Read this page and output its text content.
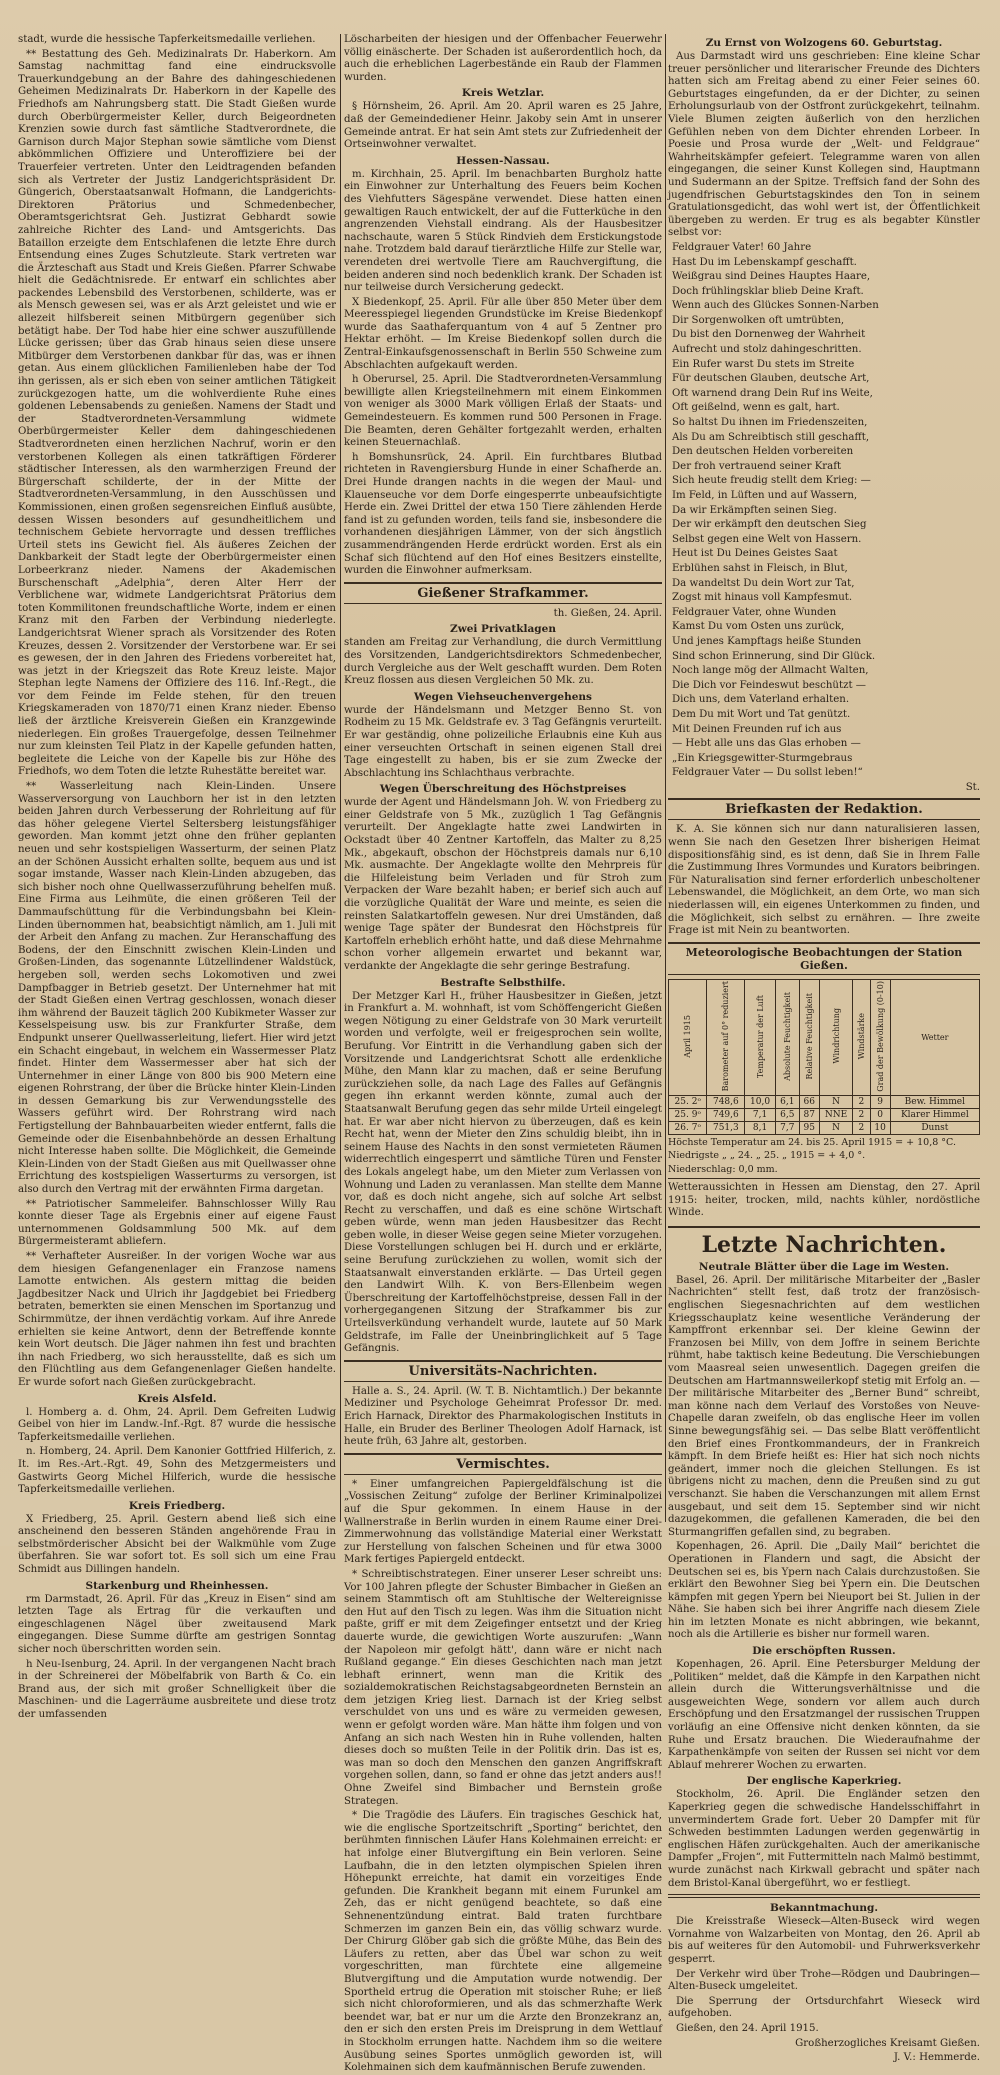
stadt, wurde die hessische Tapferkeitsmedaille verliehen.

** Bestattung des Geh. Medizinalrats Dr. Haberkorn. Am Samstag nachmittag fand eine eindrucksvolle Trauerkundgebung an der Bahre des dahingeschiedenen Geheimen Medizinalrats Dr. Haberkorn in der Kapelle des Friedhofs am Nahrungsberg statt. Die Stadt Gießen wurde durch Oberbürgermeister Keller, durch Beigeordneten Krenzien sowie durch fast sämtliche Stadtverordnete, die Garnison durch Major Stephan sowie sämtliche vom Dienst abkömmlichen Offiziere und Unteroffiziere bei der Trauerfeier vertreten. Unter den Leidtragenden befanden sich als Vertreter der Justiz Landgerichtspräsident Dr. Güngerich, Oberstaatsanwalt Hofmann, die Landgerichts-Direktoren Prätorius und Schmedenbecher, Oberamtsgerichtsrat Geh. Justizrat Gebhardt sowie zahlreiche Richter des Land- und Amtsgerichts. Das Bataillon erzeigte dem Entschlafenen die letzte Ehre durch Entsendung eines Zuges Schutzleute. Stark vertreten war die Ärzteschaft aus Stadt und Kreis Gießen. Pfarrer Schwabe hielt die Gedächtnisrede. Er entwarf ein schlichtes aber packendes Lebensbild des Verstorbenen, schilderte, was er als Mensch gewesen sei, was er als Arzt geleistet und wie er allezeit hilfsbereit seinen Mitbürgern gegenüber sich betätigt habe. Der Tod habe hier eine schwer auszufüllende Lücke gerissen; über das Grab hinaus seien diese unsere Mitbürger dem Verstorbenen dankbar für das, was er ihnen getan. Aus einem glücklichen Familienleben habe der Tod ihn gerissen, als er sich eben von seiner amtlichen Tätigkeit zurückgezogen hatte, um die wohlverdiente Ruhe eines goldenen Lebensabends zu genießen. Namens der Stadt und der Stadtverordneten-Versammlung widmete Oberbürgermeister Keller dem dahingeschiedenen Stadtverordneten einen herzlichen Nachruf, worin er den verstorbenen Kollegen als einen tatkräftigen Förderer städtischer Interessen, als den warmherzigen Freund der Bürgerschaft schilderte, der in der Mitte der Stadtverordneten-Versammlung, in den Ausschüssen und Kommissionen, einen großen segensreichen Einfluß ausübte, dessen Wissen besonders auf gesundheitlichem und technischem Gebiete hervorragte und dessen treffliches Urteil stets ins Gewicht fiel. Als äußeres Zeichen der Dankbarkeit der Stadt legte der Oberbürgermeister einen Lorbeerkranz nieder. Namens der Akademischen Burschenschaft „Adelphia“, deren Alter Herr der Verblichene war, widmete Landgerichtsrat Prätorius dem toten Kommilitonen freundschaftliche Worte, indem er einen Kranz mit den Farben der Verbindung niederlegte. Landgerichtsrat Wiener sprach als Vorsitzender des Roten Kreuzes, dessen 2. Vorsitzender der Verstorbene war. Er sei es gewesen, der in den Jahren des Friedens vorbereitet hat, was jetzt in der Kriegszeit das Rote Kreuz leiste. Major Stephan legte Namens der Offiziere des 116. Inf.-Regt., die vor dem Feinde im Felde stehen, für den treuen Kriegskameraden von 1870/71 einen Kranz nieder. Ebenso ließ der ärztliche Kreisverein Gießen ein Kranzgewinde niederlegen. Ein großes Trauergefolge, dessen Teilnehmer nur zum kleinsten Teil Platz in der Kapelle gefunden hatten, begleitete die Leiche von der Kapelle bis zur Höhe des Friedhofs, wo dem Toten die letzte Ruhestätte bereitet war.

** Wasserleitung nach Klein-Linden. Unsere Wasserversorgung von Lauchborn her ist in den letzten beiden Jahren durch Verbesserung der Rohrleitung auf für das höher gelegene Viertel Seltersberg leistungsfähiger geworden. Man kommt jetzt ohne den früher geplanten neuen und sehr kostspieligen Wasserturm, der seinen Platz an der Schönen Aussicht erhalten sollte, bequem aus und ist sogar imstande, Wasser nach Klein-Linden abzugeben, das sich bisher noch ohne Quellwasserzuführung behelfen muß. Eine Firma aus Leihmüte, die einen größeren Teil der Dammaufschüttung für die Verbindungsbahn bei Klein-Linden übernommen hat, beabsichtigt nämlich, am 1. Juli mit der Arbeit den Anfang zu machen. Zur Heranschaffung des Bodens, der den Einschnitt zwischen Klein-Linden und Großen-Linden, das sogenannte Lützellindener Waldstück, hergeben soll, werden sechs Lokomotiven und zwei Dampfbagger in Betrieb gesetzt. Der Unternehmer hat mit der Stadt Gießen einen Vertrag geschlossen, wonach dieser ihm während der Bauzeit täglich 200 Kubikmeter Wasser zur Kesselspeisung usw. bis zur Frankfurter Straße, dem Endpunkt unserer Quellwasserleitung, liefert. Hier wird jetzt ein Schacht eingebaut, in welchem ein Wassermesser Platz findet. Hinter dem Wassermesser aber hat sich der Unternehmer in einer Länge von 800 bis 900 Metern eine eigenen Rohrstrang, der über die Brücke hinter Klein-Linden in dessen Gemarkung bis zur Verwendungsstelle des Wassers geführt wird. Der Rohrstrang wird nach Fertigstellung der Bahnbauarbeiten wieder entfernt, falls die Gemeinde oder die Eisenbahnbehörde an dessen Erhaltung nicht Interesse haben sollte. Die Möglichkeit, die Gemeinde Klein-Linden von der Stadt Gießen aus mit Quellwasser ohne Errichtung des kostspieligen Wasserturms zu versorgen, ist also durch den Vertrag mit der erwähnten Firma dargetan.

** Patriotischer Sammeleifer. Bahnschlosser Willy Rau konnte dieser Tage als Ergebnis einer auf eigene Faust unternommenen Goldsammlung 500 Mk. auf dem Bürgermeisteramt abliefern.

** Verhafteter Ausreißer. In der vorigen Woche war aus dem hiesigen Gefangenenlager ein Franzose namens Lamotte entwichen. Als gestern mittag die beiden Jagdbesitzer Nack und Ulrich ihr Jagdgebiet bei Friedberg betraten, bemerkten sie einen Menschen im Sportanzug und Schirmmütze, der ihnen verdächtig vorkam. Auf ihre Anrede erhielten sie keine Antwort, denn der Betreffende konnte kein Wort deutsch. Die Jäger nahmen ihn fest und brachten ihn nach Friedberg, wo sich herausstellte, daß es sich um den Flüchtling aus dem Gefangenenlager Gießen handelte. Er wurde sofort nach Gießen zurückgebracht.

Kreis Alsfeld.

l. Homberg a. d. Ohm, 24. April. Dem Gefreiten Ludwig Geibel von hier im Landw.-Inf.-Rgt. 87 wurde die hessische Tapferkeitsmedaille verliehen.

n. Homberg, 24. April. Dem Kanonier Gottfried Hilferich, z. It. im Res.-Art.-Rgt. 49, Sohn des Metzgermeisters und Gastwirts Georg Michel Hilferich, wurde die hessische Tapferkeitsmedaille verliehen.

Kreis Friedberg.

X Friedberg, 25. April. Gestern abend ließ sich eine anscheinend den besseren Ständen angehörende Frau in selbstmörderischer Absicht bei der Walkmühle vom Zuge überfahren. Sie war sofort tot. Es soll sich um eine Frau Schmidt aus Dillingen handeln.

Starkenburg und Rheinhessen.

rm Darmstadt, 26. April. Für das „Kreuz in Eisen“ sind am letzten Tage als Ertrag für die verkauften und eingeschlagenen Nägel über zweitausend Mark eingegangen. Diese Summe dürfte am gestrigen Sonntag sicher noch überschritten worden sein.

h Neu-Isenburg, 24. April. In der vergangenen Nacht brach in der Schreinerei der Möbelfabrik von Barth & Co. ein Brand aus, der sich mit großer Schnelligkeit über die Maschinen- und die Lagerräume ausbreitete und diese trotz der umfassenden

Löscharbeiten der hiesigen und der Offenbacher Feuerwehr völlig einäscherte. Der Schaden ist außerordentlich hoch, da auch die erheblichen Lagerbestände ein Raub der Flammen wurden.

Kreis Wetzlar.

§ Hörnsheim, 26. April. Am 20. April waren es 25 Jahre, daß der Gemeindediener Heinr. Jakoby sein Amt in unserer Gemeinde antrat. Er hat sein Amt stets zur Zufriedenheit der Ortseinwohner verwaltet.

Hessen-Nassau.

m. Kirchhain, 25. April. Im benachbarten Burgholz hatte ein Einwohner zur Unterhaltung des Feuers beim Kochen des Viehfutters Sägespäne verwendet. Diese hatten einen gewaltigen Rauch entwickelt, der auf die Futterküche in den angrenzenden Viehstall eindrang. Als der Hausbesitzer nachschaute, waren 5 Stück Rindvieh dem Erstickungstode nahe. Trotzdem bald darauf tierärztliche Hilfe zur Stelle war, verendeten drei wertvolle Tiere am Rauchvergiftung, die beiden anderen sind noch bedenklich krank. Der Schaden ist nur teilweise durch Versicherung gedeckt.

X Biedenkopf, 25. April. Für alle über 850 Meter über dem Meeresspiegel liegenden Grundstücke im Kreise Biedenkopf wurde das Saathaferquantum von 4 auf 5 Zentner pro Hektar erhöht. — Im Kreise Biedenkopf sollen durch die Zentral-Einkaufsgenossenschaft in Berlin 550 Schweine zum Abschlachten aufgekauft werden.

h Oberursel, 25. April. Die Stadtverordneten-Versammlung bewilligte allen Kriegsteilnehmern mit einem Einkommen von weniger als 3000 Mark völligen Erlaß der Staats- und Gemeindesteuern. Es kommen rund 500 Personen in Frage. Die Beamten, deren Gehälter fortgezahlt werden, erhalten keinen Steuernachlaß.

h Bomshunsrück, 24. April. Ein furchtbares Blutbad richteten in Ravengiersburg Hunde in einer Schafherde an. Drei Hunde drangen nachts in die wegen der Maul- und Klauenseuche vor dem Dorfe eingesperrte unbeaufsichtigte Herde ein. Zwei Drittel der etwa 150 Tiere zählenden Herde fand ist zu gefunden worden, teils fand sie, insbesondere die vorhandenen diesjährigen Lämmer, von der sich ängstlich zusammendrängenden Herde erdrückt worden. Erst als ein Schaf sich flüchtend auf den Hof eines Besitzers einstellte, wurden die Einwohner aufmerksam.

Gießener Strafkammer.

th. Gießen, 24. April.

Zwei Privatklagen

standen am Freitag zur Verhandlung, die durch Vermittlung des Vorsitzenden, Landgerichtsdirektors Schmedenbecher, durch Vergleiche aus der Welt geschafft wurden. Dem Roten Kreuz flossen aus diesen Vergleichen 50 Mk. zu.

Wegen Viehseuchenvergehens

wurde der Händelsmann und Metzger Benno St. von Rodheim zu 15 Mk. Geldstrafe ev. 3 Tag Gefängnis verurteilt. Er war geständig, ohne polizeiliche Erlaubnis eine Kuh aus einer verseuchten Ortschaft in seinen eigenen Stall drei Tage eingestellt zu haben, bis er sie zum Zwecke der Abschlachtung ins Schlachthaus verbrachte.

Wegen Überschreitung des Höchstpreises

wurde der Agent und Händelsmann Joh. W. von Friedberg zu einer Geldstrafe von 5 Mk., zuzüglich 1 Tag Gefängnis verurteilt. Der Angeklagte hatte zwei Landwirten in Ockstadt über 40 Zentner Kartoffeln, das Malter zu 8,25 Mk., abgekauft, obschon der Höchstpreis damals nur 6,10 Mk. ausmachte. Der Angeklagte wollte den Mehrpreis für die Hilfeleistung beim Verladen und für Stroh zum Verpacken der Ware bezahlt haben; er berief sich auch auf die vorzügliche Qualität der Ware und meinte, es seien die reinsten Salatkartoffeln gewesen. Nur drei Umständen, daß wenige Tage später der Bundesrat den Höchstpreis für Kartoffeln erheblich erhöht hatte, und daß diese Mehrnahme schon vorher allgemein erwartet und bekannt war, verdankte der Angeklagte die sehr geringe Bestrafung.

Bestrafte Selbsthilfe.

Der Metzger Karl H., früher Hausbesitzer in Gießen, jetzt in Frankfurt a. M. wohnhaft, ist vom Schöffengericht Gießen wegen Nötigung zu einer Geldstrafe von 30 Mark verurteilt worden und verfolgte, weil er freigesprochen sein wollte, Berufung. Vor Eintritt in die Verhandlung gaben sich der Vorsitzende und Landgerichtsrat Schott alle erdenkliche Mühe, den Mann klar zu machen, daß er seine Berufung zurückziehen solle, da nach Lage des Falles auf Gefängnis gegen ihn erkannt werden könnte, zumal auch der Staatsanwalt Berufung gegen das sehr milde Urteil eingelegt hat. Er war aber nicht hiervon zu überzeugen, daß es kein Recht hat, wenn der Mieter den Zins schuldig bleibt, ihn in seinem Hause des Nachts in den sonst vermieteten Räumen widerrechtlich eingesperrt und sämtliche Türen und Fenster des Lokals angelegt habe, um den Mieter zum Verlassen von Wohnung und Laden zu veranlassen. Man stellte dem Manne vor, daß es doch nicht angehe, sich auf solche Art selbst Recht zu verschaffen, und daß es eine schöne Wirtschaft geben würde, wenn man jeden Hausbesitzer das Recht geben wolle, in dieser Weise gegen seine Mieter vorzugehen. Diese Vorstellungen schlugen bei H. durch und er erklärte, seine Berufung zurückziehen zu wollen, womit sich der Staatsanwalt einverstanden erklärte. — Das Urteil gegen den Landwirt Wilh. K. von Bers-Ellenbeim wegen Überschreitung der Kartoffelhöchstpreise, dessen Fall in der vorhergegangenen Sitzung der Strafkammer bis zur Urteilsverkündung verhandelt wurde, lautete auf 50 Mark Geldstrafe, im Falle der Uneinbringlichkeit auf 5 Tage Gefängnis.

Universitäts-Nachrichten.

Halle a. S., 24. April. (W. T. B. Nichtamtlich.) Der bekannte Mediziner und Psychologe Geheimrat Professor Dr. med. Erich Harnack, Direktor des Pharmakologischen Instituts in Halle, ein Bruder des Berliner Theologen Adolf Harnack, ist heute früh, 63 Jahre alt, gestorben.

Vermischtes.

* Einer umfangreichen Papiergeldfälschung ist die „Vossischen Zeitung“ zufolge der Berliner Kriminalpolizei auf die Spur gekommen. In einem Hause in der Wallnerstraße in Berlin wurden in einem Raume einer Drei-Zimmerwohnung das vollständige Material einer Werkstatt zur Herstellung von falschen Scheinen und für etwa 3000 Mark fertiges Papiergeld entdeckt.

* Schreibtischstrategen. Einer unserer Leser schreibt uns: Vor 100 Jahren pflegte der Schuster Bimbacher in Gießen an seinem Stammtisch oft am Stuhltische der Weltereignisse den Hut auf den Tisch zu legen. Was ihm die Situation nicht paßte, griff er mit dem Zeigefinger entsetzt und der Krieg dauerte wurde, die gewichtigen Worte auszurufen: „Wann der Napoleon mir gefolgt hätt', dann wäre er nicht nach Rußland gegange.“ Ein dieses Geschichten nach man jetzt lebhaft erinnert, wenn man die Kritik des sozialdemokratischen Reichstagsabgeordneten Bernstein an dem jetzigen Krieg liest. Darnach ist der Krieg selbst verschuldet von uns und es wäre zu vermeiden gewesen, wenn er gefolgt worden wäre. Man hätte ihm folgen und von Anfang an sich nach Westen hin in Ruhe vollenden, halten dieses doch so mußten Teile in der Politik drin. Das ist es, was man so doch den Menschen den ganzen Angriffskraft vorgehen sollen, dann, so fand er ohne das jetzt anders aus!! Ohne Zweifel sind Bimbacher und Bernstein große Strategen.

* Die Tragödie des Läufers. Ein tragisches Geschick hat, wie die englische Sportzeitschrift „Sporting“ berichtet, den berühmten finnischen Läufer Hans Kolehmainen erreicht: er hat infolge einer Blutvergiftung ein Bein verloren. Seine Laufbahn, die in den letzten olympischen Spielen ihren Höhepunkt erreichte, hat damit ein vorzeitiges Ende gefunden. Die Krankheit begann mit einem Furunkel am Zeh, das er nicht genügend beachtete, so daß eine Sehnenentzündung eintrat. Bald traten furchtbare Schmerzen im ganzen Bein ein, das völlig schwarz wurde. Der Chirurg Glöber gab sich die größte Mühe, das Bein des Läufers zu retten, aber das Übel war schon zu weit vorgeschritten, man fürchtete eine allgemeine Blutvergiftung und die Amputation wurde notwendig. Der Sportheld ertrug die Operation mit stoischer Ruhe; er ließ sich nicht chloroformieren, und als das schmerzhafte Werk beendet war, bat er nur um die Arzte den Bronzekranz an, den er sich den ersten Preis im Dreisprung in dem Wettlauf in Stockholm errungen hatte. Nachdem ihm so die weitere Ausübung seines Sportes unmöglich geworden ist, will Kolehmainen sich dem kaufmännischen Berufe zuwenden.

Zu Ernst von Wolzogens 60. Geburtstag.

Aus Darmstadt wird uns geschrieben: Eine kleine Schar treuer persönlicher und literarischer Freunde des Dichters hatten sich am Freitag abend zu einer Feier seines 60. Geburtstages eingefunden, da er der Dichter, zu seinen Erholungsurlaub von der Ostfront zurückgekehrt, teilnahm. Viele Blumen zeigten äußerlich von den herzlichen Gefühlen neben von dem Dichter ehrenden Lorbeer. In Poesie und Prosa wurde der „Welt- und Feldgraue“ Wahrheitskämpfer gefeiert. Telegramme waren von allen eingegangen, die seiner Kunst Kollegen sind, Hauptmann und Sudermann an der Spitze. Treffsich fand der Sohn des jugendfrischen Geburtstagskindes den Ton in seinem Gratulationsgedicht, das wohl wert ist, der Öffentlichkeit übergeben zu werden. Er trug es als begabter Künstler selbst vor:

Feldgrauer Vater! 60 Jahre

Hast Du im Lebenskampf geschafft.

Weißgrau sind Deines Hauptes Haare,

Doch frühlingsklar blieb Deine Kraft.

Wenn auch des Glückes Sonnen-Narben

Dir Sorgenwolken oft umtrübten,

Du bist den Dornenweg der Wahrheit

Aufrecht und stolz dahingeschritten.

Ein Rufer warst Du stets im Streite

Für deutschen Glauben, deutsche Art,

Oft warnend drang Dein Ruf ins Weite,

Oft geißelnd, wenn es galt, hart.

So haltst Du ihnen im Friedenszeiten,

Als Du am Schreibtisch still geschafft,

Den deutschen Helden vorbereiten

Der froh vertrauend seiner Kraft

Sich heute freudig stellt dem Krieg: —

Im Feld, in Lüften und auf Wassern,

Da wir Erkämpften seinen Sieg.

Der wir erkämpft den deutschen Sieg

Selbst gegen eine Welt von Hassern.

Heut ist Du Deines Geistes Saat

Erblühen sahst in Fleisch, in Blut,

Da wandeltst Du dein Wort zur Tat,

Zogst mit hinaus voll Kampfesmut.

Feldgrauer Vater, ohne Wunden

Kamst Du vom Osten uns zurück,

Und jenes Kampftags heiße Stunden

Sind schon Erinnerung, sind Dir Glück.

Noch lange mög der Allmacht Walten,

Die Dich vor Feindeswut beschützt —

Dich uns, dem Vaterland erhalten.

Dem Du mit Wort und Tat genützt.

Mit Deinen Freunden ruf ich aus

— Hebt alle uns das Glas erhoben —

„Ein Kriegsgewitter-Sturmgebraus

Feldgrauer Vater — Du sollst leben!“

St.

Briefkasten der Redaktion.

K. A. Sie können sich nur dann naturalisieren lassen, wenn Sie nach den Gesetzen Ihrer bisherigen Heimat dispositionsfähig sind, es ist denn, daß Sie in Ihrem Falle die Zustimmung Ihres Vormundes und Kurators beibringen. Für Naturalisation sind ferner erforderlich unbescholtener Lebenswandel, die Möglichkeit, an dem Orte, wo man sich niederlassen will, ein eigenes Unterkommen zu finden, und die Möglichkeit, sich selbst zu ernähren. — Ihre zweite Frage ist mit Nein zu beantworten.

Meteorologische Beobachtungen der Station Gießen.
April 1915	Barometer auf 0° reduziert	Temperatur der Luft	Absolute Feuchtigkeit	Relative Feuchtigkeit	Windrichtung	Windstärke	Grad der Bewölkung (0-10)	Wetter
25. 2ᵒ	748,6	10,0	6,1	66	N	2	9	Bew. Himmel
25. 9ᵒ	749,6	7,1	6,5	87	NNE	2	0	Klarer Himmel
26. 7ᵒ	751,3	8,1	7,7	95	N	2	10	Dunst

Höchste Temperatur am 24. bis 25. April 1915 = + 10,8 °C.

Niedrigste „ „ 24. „ 25. „ 1915 = + 4,0 °.

Niederschlag: 0,0 mm.

Wetteraussichten in Hessen am Dienstag, den 27. April 1915: heiter, trocken, mild, nachts kühler, nordöstliche Winde.

Letzte Nachrichten.
Neutrale Blätter über die Lage im Westen.

Basel, 26. April. Der militärische Mitarbeiter der „Basler Nachrichten“ stellt fest, daß trotz der französisch-englischen Siegesnachrichten auf dem westlichen Kriegsschauplatz keine wesentliche Veränderung der Kampffront erkennbar sei. Der kleine Gewinn der Franzosen bei Millv, von dem Joffre in seinem Berichte rühmt, habe taktisch keine Bedeutung. Die Verschiebungen vom Maasreal seien unwesentlich. Dagegen greifen die Deutschen am Hartmannsweilerkopf stetig mit Erfolg an. — Der militärische Mitarbeiter des „Berner Bund“ schreibt, man könne nach dem Verlauf des Vorstoßes von Neuve-Chapelle daran zweifeln, ob das englische Heer im vollen Sinne bewegungsfähig sei. — Das selbe Blatt veröffentlicht den Brief eines Frontkommandeurs, der in Frankreich kämpft. In dem Briefe heißt es: Hier hat sich noch nichts geändert, immer noch die gleichen Stellungen. Es ist übrigens nicht zu machen, denn die Preußen sind zu gut verschanzt. Sie haben die Verschanzungen mit allem Ernst ausgebaut, und seit dem 15. September sind wir nicht dazugekommen, die gefallenen Kameraden, die bei den Sturmangriffen gefallen sind, zu begraben.

Kopenhagen, 26. April. Die „Daily Mail“ berichtet die Operationen in Flandern und sagt, die Absicht der Deutschen sei es, bis Ypern nach Calais durchzustoßen. Sie erklärt den Bewohner Sieg bei Ypern ein. Die Deutschen kämpfen mit gegen Ypern bei Nieuport bei St. Julien in der Nähe. Sie haben sich bei ihrer Angriffe nach diesem Ziele hin im letzten Monate es nicht abbringen, wie bekannt, noch als die Artillerie es bisher nur formell waren.

Die erschöpften Russen.

Kopenhagen, 26. April. Eine Petersburger Meldung der „Politiken“ meldet, daß die Kämpfe in den Karpathen nicht allein durch die Witterungsverhältnisse und die ausgeweichten Wege, sondern vor allem auch durch Erschöpfung und den Ersatzmangel der russischen Truppen vorläufig an eine Offensive nicht denken könnten, da sie Ruhe und Ersatz brauchen. Die Wiederaufnahme der Karpathenkämpfe von seiten der Russen sei nicht vor dem Ablauf mehrerer Wochen zu erwarten.

Der englische Kaperkrieg.

Stockholm, 26. April. Die Engländer setzen den Kaperkrieg gegen die schwedische Handelsschiffahrt in unvermindertem Grade fort. Ueber 20 Dampfer mit für Schweden bestimmten Ladungen werden gegenwärtig in englischen Häfen zurückgehalten. Auch der amerikanische Dampfer „Frojen“, mit Futtermitteln nach Malmö bestimmt, wurde zunächst nach Kirkwall gebracht und später nach dem Bristol-Kanal übergeführt, wo er festliegt.

Bekanntmachung.

Die Kreisstraße Wieseck—Alten-Buseck wird wegen Vornahme von Walzarbeiten von Montag, den 26. April ab bis auf weiteres für den Automobil- und Fuhrwerksverkehr gesperrt.

Der Verkehr wird über Trohe—Rödgen und Daubringen—Alten-Buseck umgeleitet.

Die Sperrung der Ortsdurchfahrt Wieseck wird aufgehoben.

Gießen, den 24. April 1915.

Großherzogliches Kreisamt Gießen.

J. V.: Hemmerde.
